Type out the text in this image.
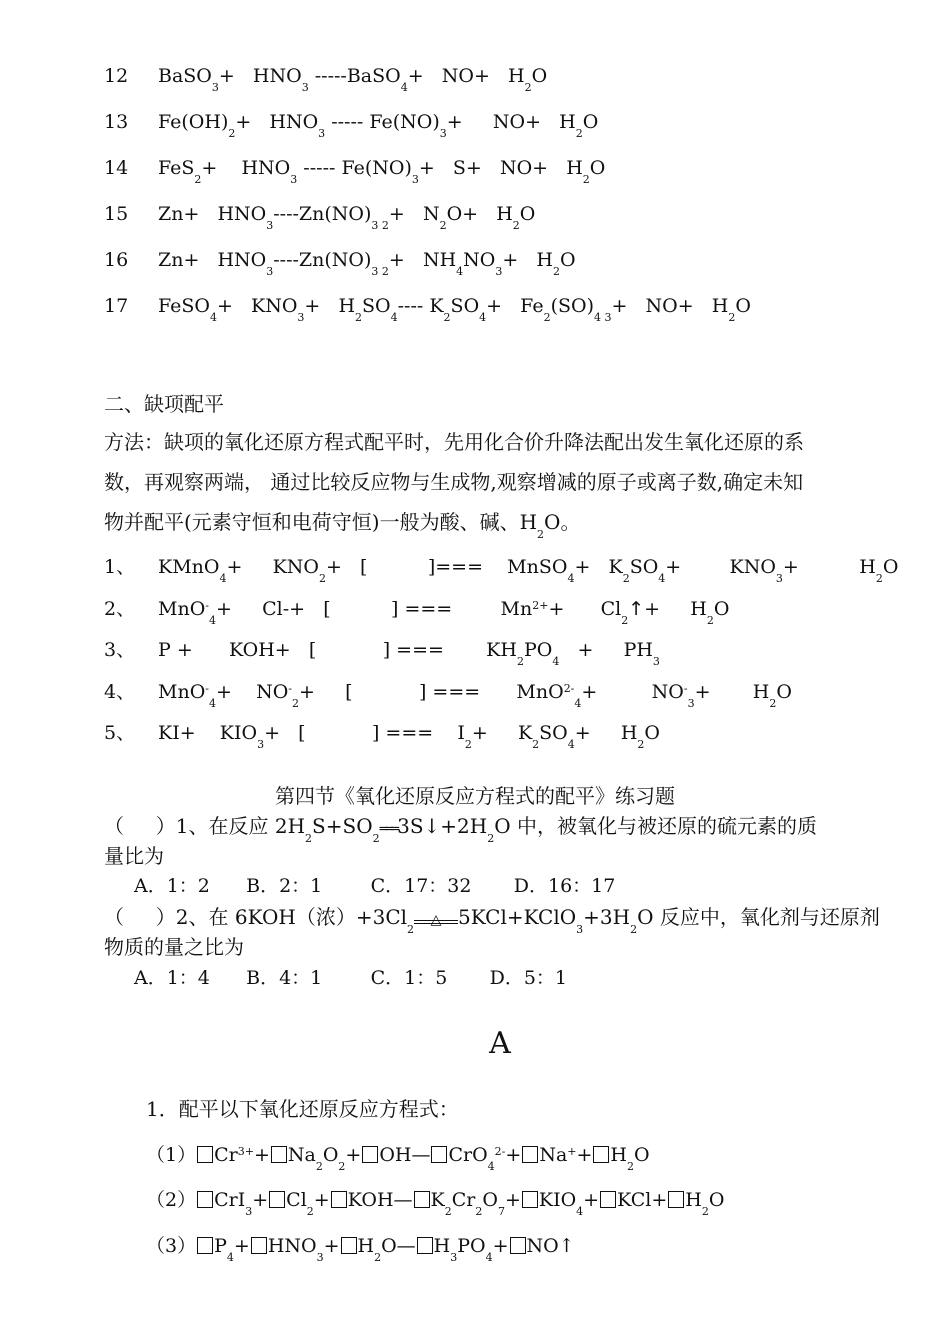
12 BaSO$_3$+   $HNO_3$ -----BaSO$_4$+   $NO+ H_2O$
13 $Fe(OH)_2+ HNO_3$ ----- $Fe(NO)_3+$     $NO+ H_2O$
14 FeS$_2$+    $HNO_3$ ----- $Fe(NO)_3+ S+ NO+ H_2O$
15 $Zn+ HNO_3----Zn(NO)_{3 2}+ N_2O+ H_2O$
16 $Zn+ HNO_3----Zn(NO)_{3 2}+ NH_4NO_3+ H_2O$
17 FeSO$_4$+   $KNO_3+ H_2SO_4----$ $K_2SO_4+ Fe_2(SO)_{4 3}+ NO+ H_2O$
二、缺项配平
方法：缺项的氧化还原方程式配平时，先用化合价升降法配出发生氧化还原的系
数，再观察两端， 通过比较反应物与生成物,观察增减的原子或离子数,确定未知
物并配平(元素守恒和电荷守恒)一般为酸、碱、$H_2O$。
1、 KMnO$_4$+     $KNO_2+$   [          ]===    MnSO$_4$+   $K_2SO_4+$        $KNO_3+$          $H_2O$
2、 MnO-$_4$+     Cl-+   [          ] ===        $Mn^{2+}+$      $Cl_2↑+$     $H_2O$
3、 P +      KOH+   [           ] ===       $KH_2PO_4$   +     $PH_3$
4、 MnO-$_4$+    $NO^-_2+$     [           ] ===      MnO$^{2-}_4$+         $NO^-_3+$       $H_2O$
5、 KI+    $KIO_3+$   [           ] ===    $I_2+$     $K_2SO_4+$     $H_2O$
第四节《氧化还原反应方程式的配平》练习题
（     ）1、在反应 $2H_2S+SO_2═══3S↓+2H_2O$ 中，被氧化与被还原的硫元素的质
量比为
A．1：2      B．2：1        C．17：32       D．16：17
（     ）2、在 6KOH（浓）$+3Cl_2$
△ $5KCl+KClO_3+3H_2O$ 反应中，氧化剂与还原剂
物质的量之比为
A．1：4      B．4：1        C．1：5       D．5：1
A
1．配平以下氧化还原反应方程式：
（1） $Cr^{3+}+ Na_2O_2+$ OH— $CrO_4^{2-}+ Na^++ H_2O$
（2） $CrI_3+ Cl_2+$ KOH— $K_2Cr_2O_7+ KIO_4+ KCl+ H_2O$
（3） $P_4+ HNO_3+$ $H_2O—$ $H_3PO_4+$ NO↑
